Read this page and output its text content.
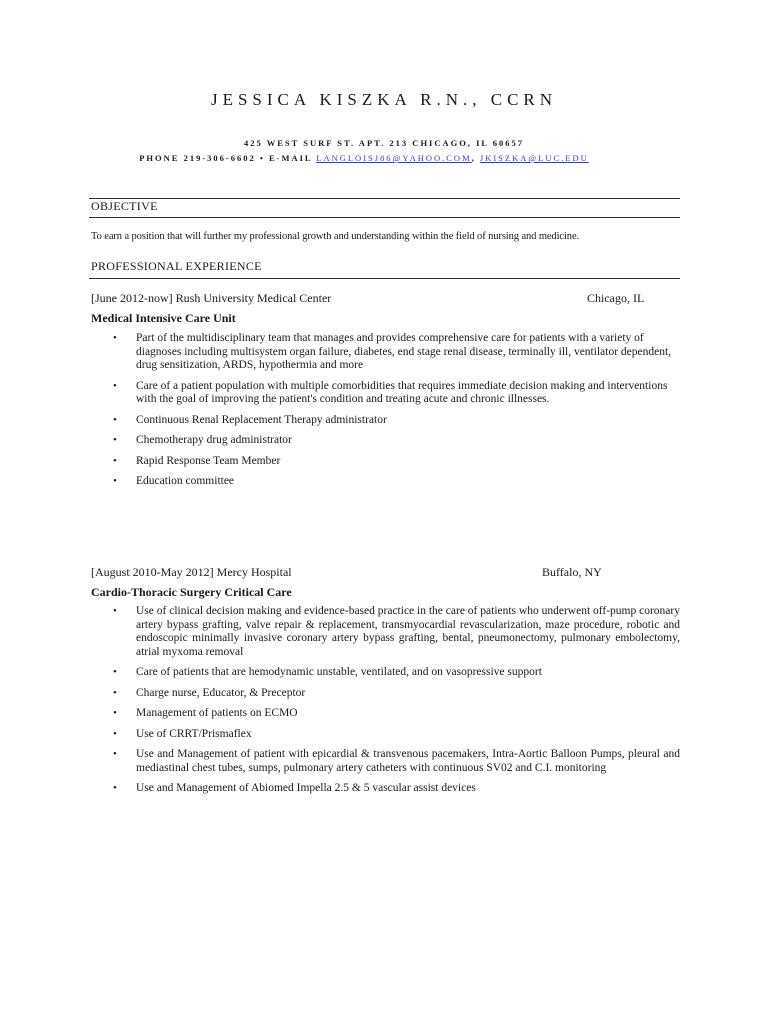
JESSICA KISZKA R.N., CCRN
425 WEST SURF ST. APT. 213 CHICAGO, IL 60657
PHONE 219-306-6602 • E-MAIL LANGLOISJ86@YAHOO.COM, JKISZKA@LUC.EDU
OBJECTIVE
To earn a position that will further my professional growth and understanding within the field of nursing and medicine.
PROFESSIONAL EXPERIENCE
[June 2012-now] Rush University Medical Center	Chicago, IL
Medical Intensive Care Unit
• Part of the multidisciplinary team that manages and provides comprehensive care for patients with a variety of diagnoses including multisystem organ failure, diabetes, end stage renal disease, terminally ill, ventilator dependent, drug sensitization, ARDS, hypothermia and more
• Care of a patient population with multiple comorbidities that requires immediate decision making and interventions with the goal of improving the patient's condition and treating acute and chronic illnesses.
• Continuous Renal Replacement Therapy administrator
• Chemotherapy drug administrator
• Rapid Response Team Member
• Education committee
[August 2010-May 2012] Mercy Hospital	Buffalo, NY
Cardio-Thoracic Surgery Critical Care
• Use of clinical decision making and evidence-based practice in the care of patients who underwent off-pump coronary artery bypass grafting, valve repair & replacement, transmyocardial revascularization, maze procedure, robotic and endoscopic minimally invasive coronary artery bypass grafting, bental, pneumonectomy, pulmonary embolectomy, atrial myxoma removal
• Care of patients that are hemodynamic unstable, ventilated, and on vasopressive support
• Charge nurse, Educator, & Preceptor
• Management of patients on ECMO
• Use of CRRT/Prismaflex
• Use and Management of patient with epicardial & transvenous pacemakers, Intra-Aortic Balloon Pumps, pleural and mediastinal chest tubes, sumps, pulmonary artery catheters with continuous SV02 and C.I. monitoring
• Use and Management of Abiomed Impella 2.5 & 5 vascular assist devices
